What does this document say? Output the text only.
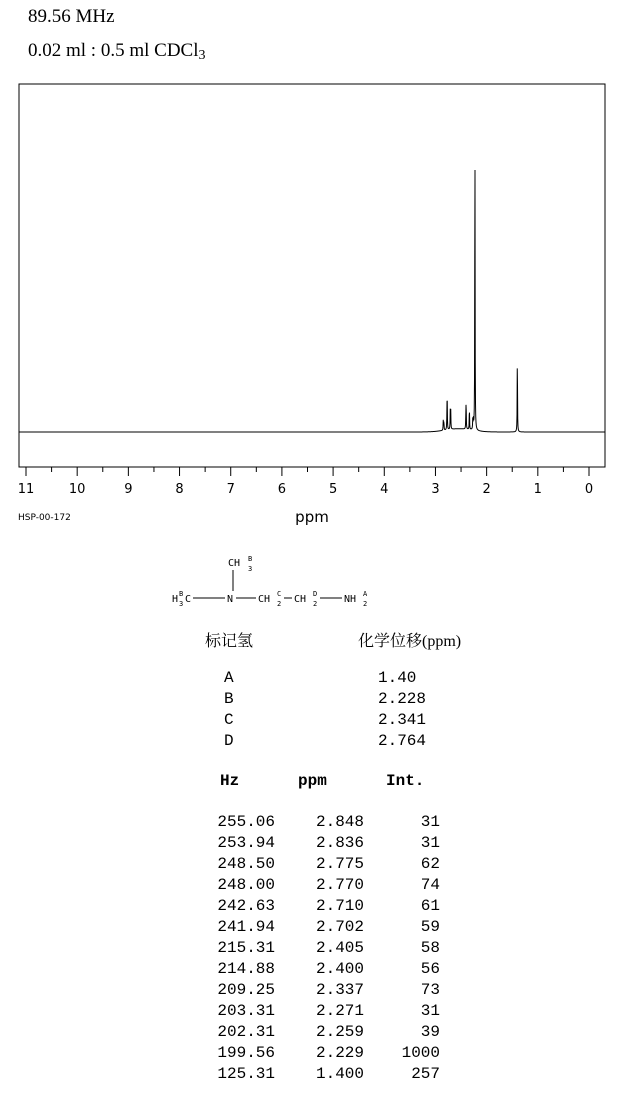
89.56 MHz
0.02 ml : 0.5 ml CDCl$_3$
11	10	9	8	7	6	5	4	3	2	1	0
ppm
HSP-00-172
CH 3
B
H 3
B C	N CH 2
C CH 2
D	NH 2
A
标记氢	化学位移(ppm)
A	1.40
B	2.228
C	2.341
D	2.764
Hz	ppm	Int.
255.06	2.848	31
253.94	2.836	31
248.50	2.775	62
248.00	2.770	74
242.63	2.710	61
241.94	2.702	59
215.31	2.405	58
214.88	2.400	56
209.25	2.337	73
203.31	2.271	31
202.31	2.259	39
199.56	2.229 1000
125.31	1.400	257
